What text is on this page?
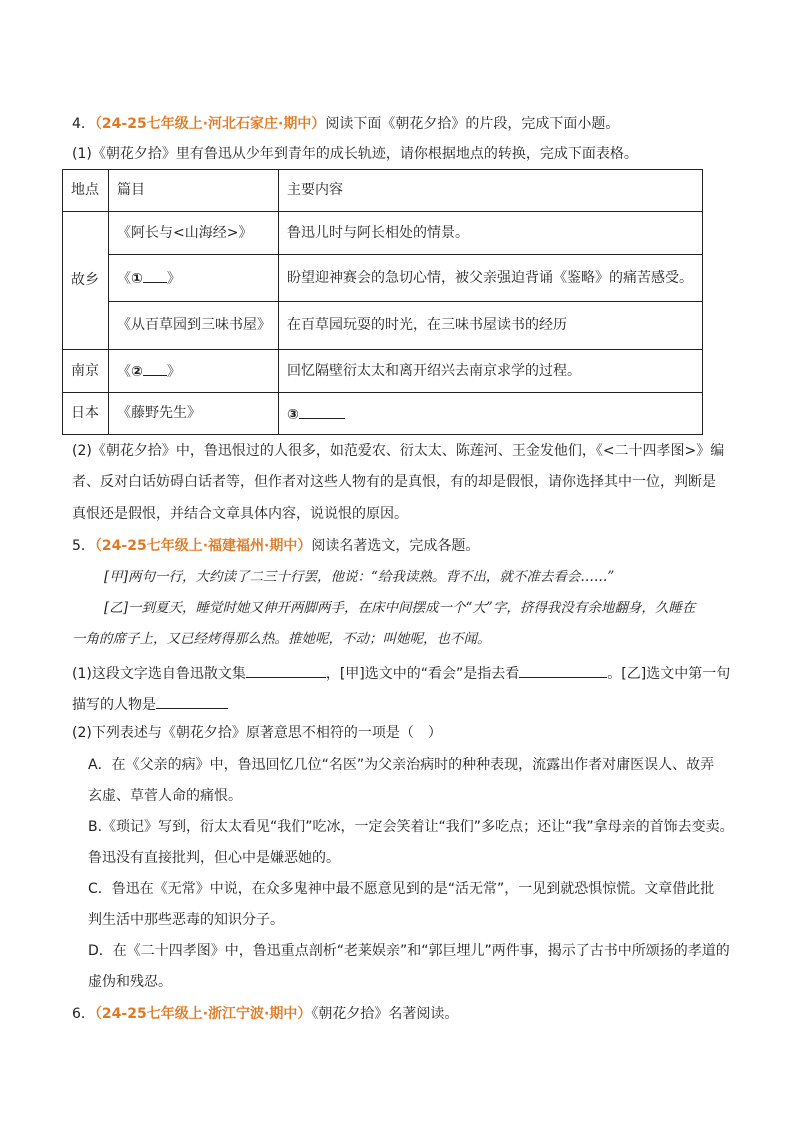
4．（24-25七年级上·河北石家庄·期中）阅读下面《朝花夕拾》的片段，完成下面小题。
(1)《朝花夕拾》里有鲁迅从少年到青年的成长轨迹，请你根据地点的转换，完成下面表格。
地点	篇目	主要内容
故乡	《阿长与<山海经>》	鲁迅儿时与阿长相处的情景。
	《① 》	盼望迎神赛会的急切心情，被父亲强迫背诵《鉴略》的痛苦感受。
	《从百草园到三味书屋》	在百草园玩耍的时光，在三味书屋读书的经历
南京	《② 》	回忆隔壁衍太太和离开绍兴去南京求学的过程。
日本	《藤野先生》	③
(2)《朝花夕拾》中，鲁迅恨过的人很多，如范爱农、衍太太、陈莲河、王金发他们，《<二十四孝图>》编
者、反对白话妨碍白话者等，但作者对这些人物有的是真恨，有的却是假恨，请你选择其中一位，判断是
真恨还是假恨，并结合文章具体内容，说说恨的原因。
5．（24-25七年级上·福建福州·期中）阅读名著选文，完成各题。
[甲]两句一行，大约读了二三十行罢，他说：“给我读熟。背不出，就不准去看会……”
[乙]一到夏天，睡觉时她又伸开两脚两手，在床中间摆成一个“大”字，挤得我没有余地翻身，久睡在
一角的席子上，又已经烤得那么热。推她呢，不动；叫她呢，也不闻。
(1)这段文字选自鲁迅散文集	，[甲]选文中的“看会”是指去看	。[乙]选文中第一句
描写的人物是
(2)下列表述与《朝花夕拾》原著意思不相符的一项是（　）
A．在《父亲的病》中，鲁迅回忆几位“名医”为父亲治病时的种种表现，流露出作者对庸医误人、故弄
玄虚、草菅人命的痛恨。
B.《琐记》写到，衍太太看见“我们”吃冰，一定会笑着让“我们”多吃点；还让“我”拿母亲的首饰去变卖。
鲁迅没有直接批判，但心中是嫌恶她的。
C．鲁迅在《无常》中说，在众多鬼神中最不愿意见到的是“活无常”，一见到就恐惧惊慌。文章借此批
判生活中那些恶毒的知识分子。
D．在《二十四孝图》中，鲁迅重点剖析“老莱娱亲”和“郭巨埋儿”两件事，揭示了古书中所颂扬的孝道的
虚伪和残忍。
6．（24-25七年级上·浙江宁波·期中）《朝花夕拾》名著阅读。
